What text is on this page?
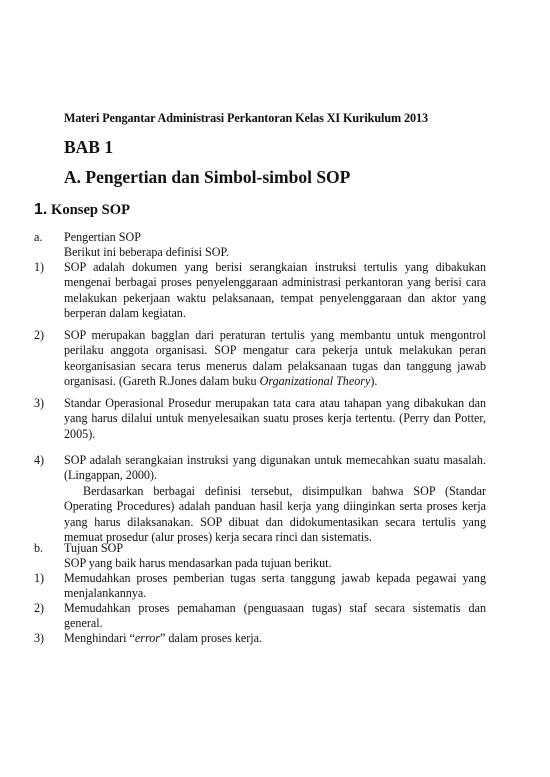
Materi Pengantar Administrasi Perkantoran Kelas XI Kurikulum 2013
BAB 1
A. Pengertian dan Simbol-simbol SOP
1. Konsep SOP
a. Pengertian SOP
Berikut ini beberapa definisi SOP.
1) SOP adalah dokumen yang berisi serangkaian instruksi tertulis yang dibakukan mengenai berbagai proses penyelenggaraan administrasi perkantoran yang berisi cara melakukan pekerjaan waktu pelaksanaan, tempat penyelenggaraan dan aktor yang berperan dalam kegiatan.
2) SOP merupakan bagglan dari peraturan tertulis yang membantu untuk mengontrol perilaku anggota organisasi. SOP mengatur cara pekerja untuk melakukan peran keorganisasian secara terus menerus dalam pelaksanaan tugas dan tanggung jawab organisasi. (Gareth R.Jones dalam buku Organizational Theory).
3) Standar Operasional Prosedur merupakan tata cara atau tahapan yang dibakukan dan yang harus dilalui untuk menyelesaikan suatu proses kerja tertentu. (Perry dan Potter, 2005).
4) SOP adalah serangkaian instruksi yang digunakan untuk memecahkan suatu masalah. (Lingappan, 2000).
Berdasarkan berbagai definisi tersebut, disimpulkan bahwa SOP (Standar Operating Procedures) adalah panduan hasil kerja yang diinginkan serta proses kerja yang harus dilaksanakan. SOP dibuat dan didokumentasikan secara tertulis yang memuat prosedur (alur proses) kerja secara rinci dan sistematis.
b. Tujuan SOP
SOP yang baik harus mendasarkan pada tujuan berikut.
1) Memudahkan proses pemberian tugas serta tanggung jawab kepada pegawai yang menjalankannya.
2) Memudahkan proses pemahaman (penguasaan tugas) staf secara sistematis dan general.
3) Menghindari “error” dalam proses kerja.
